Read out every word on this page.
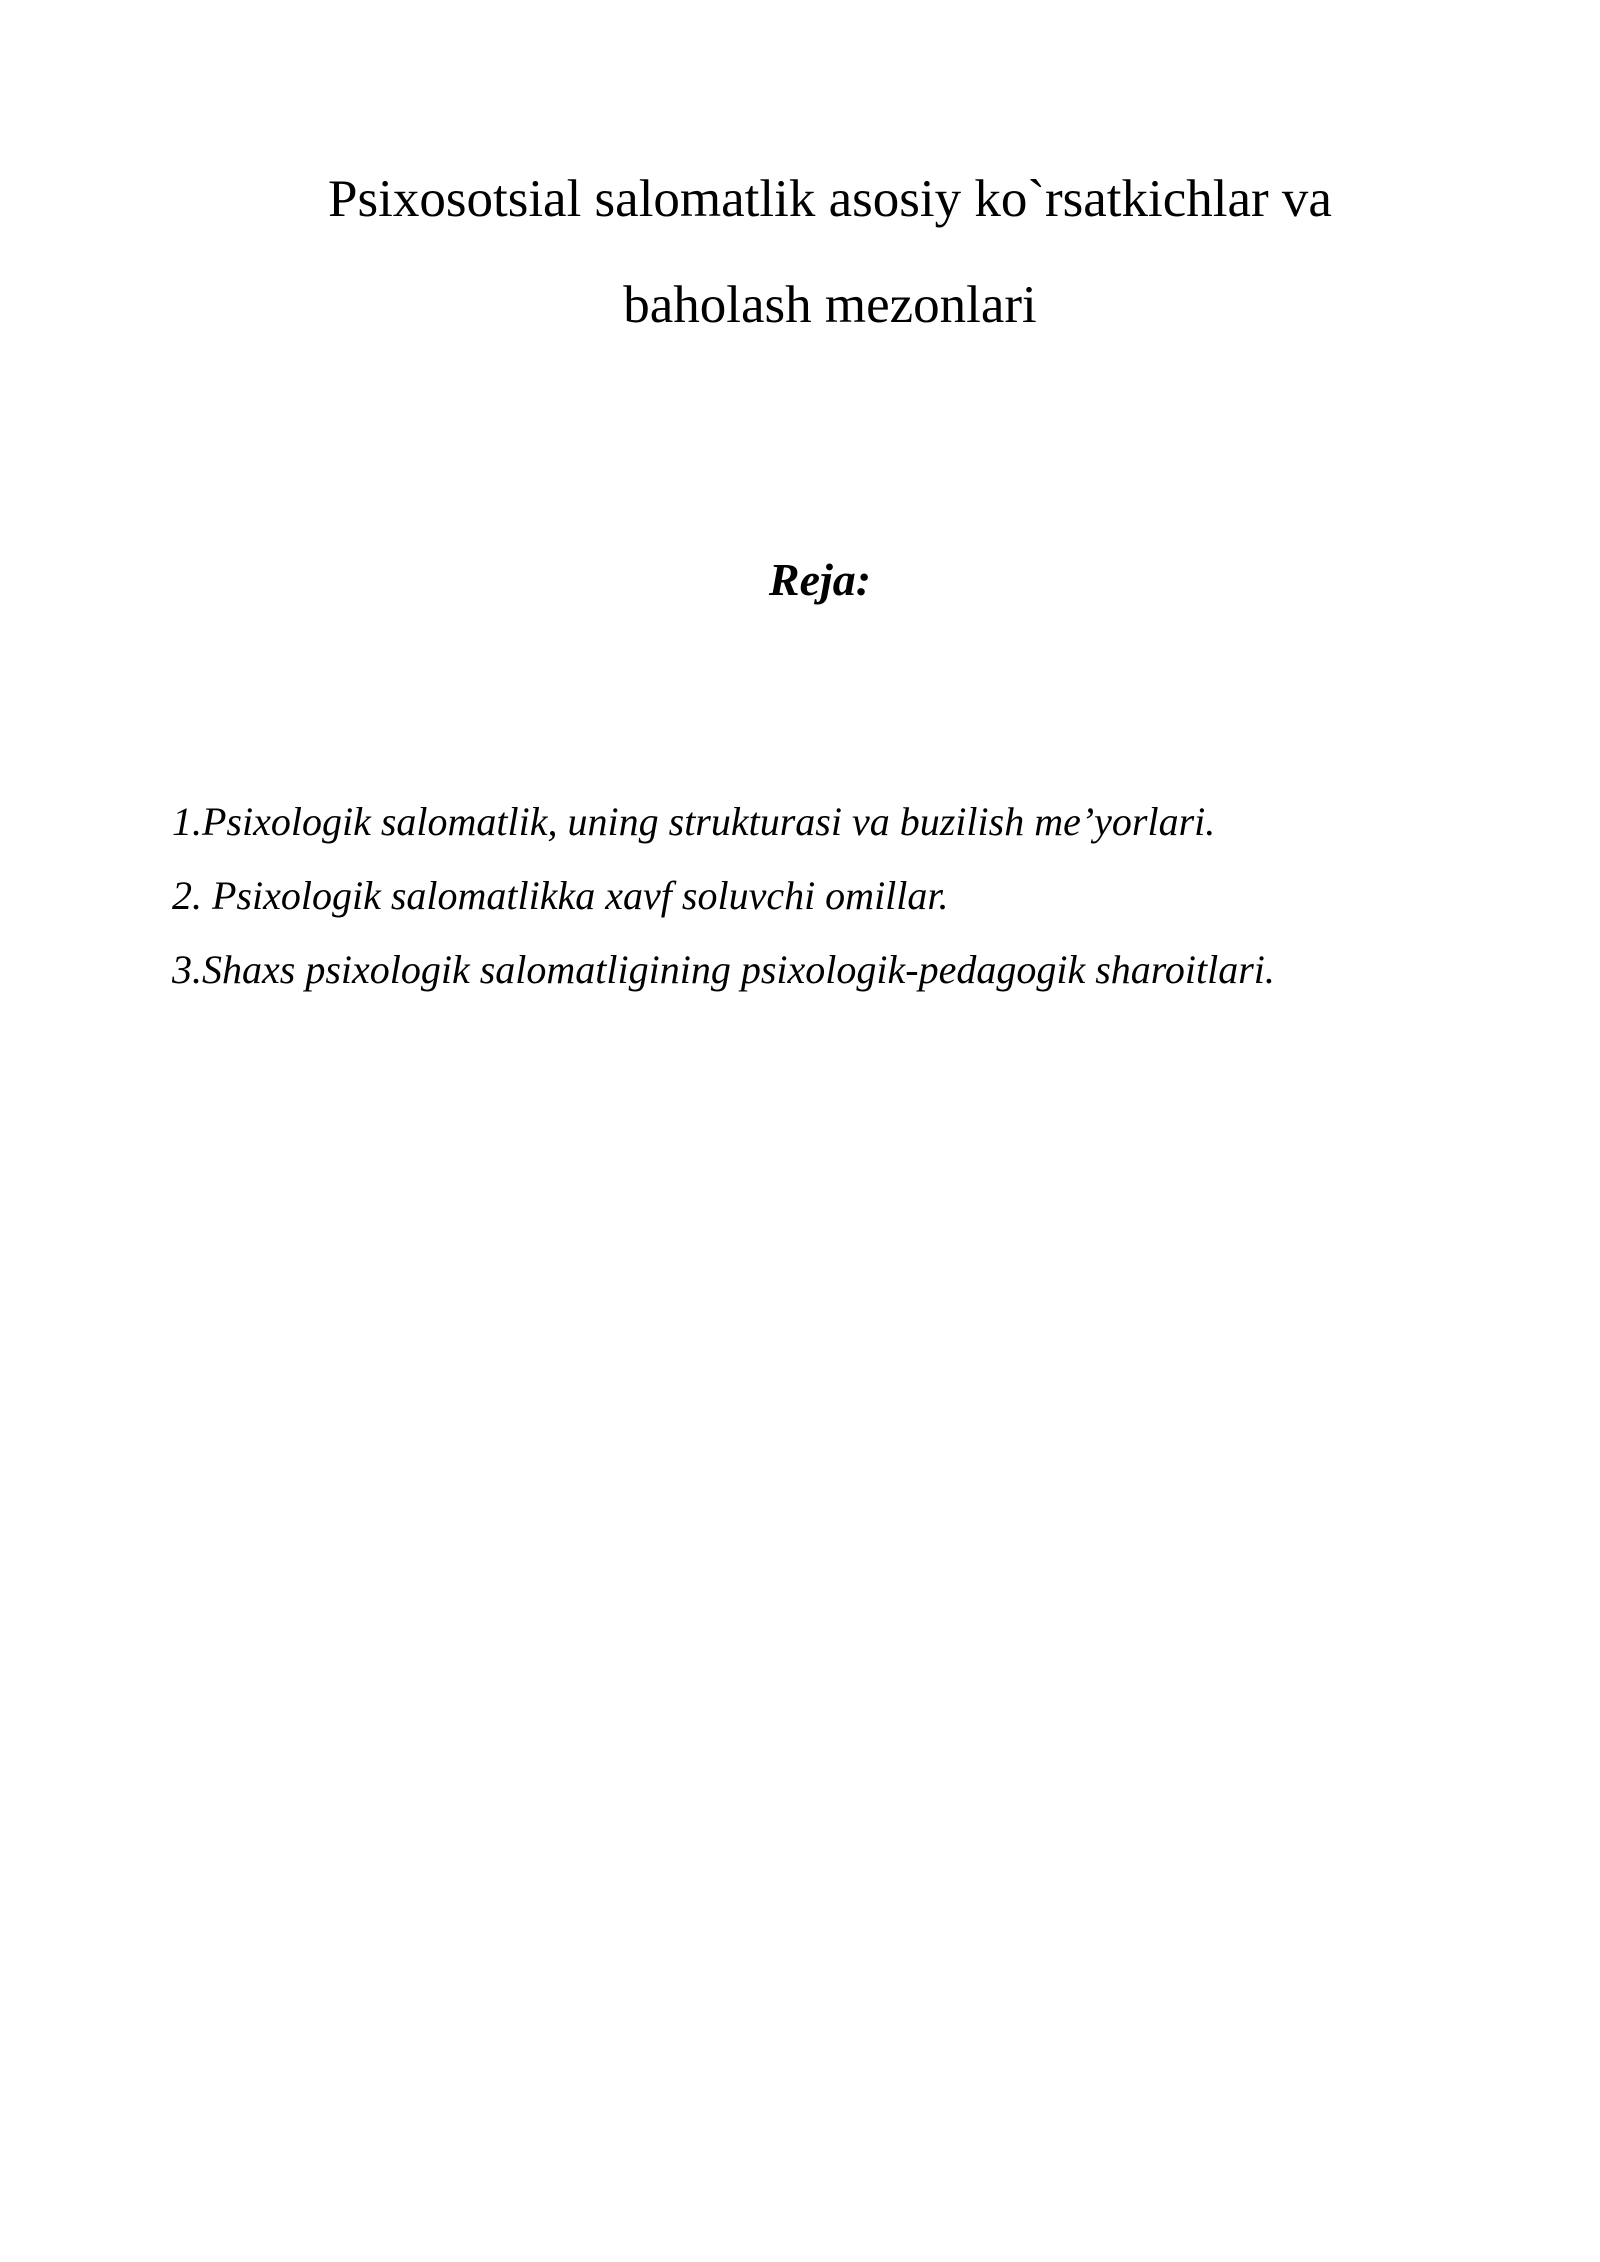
Psixosotsial salomatlik asosiy ko`rsatkichlar va
baholash mezonlari
Reja:
1.Psixologik salomatlik, uning strukturasi va buzilish me’yorlari.
2. Psixologik salomatlikka xavf soluvchi omillar.
3.Shaxs psixologik salomatligining psixologik-pedagogik sharoitlari.
